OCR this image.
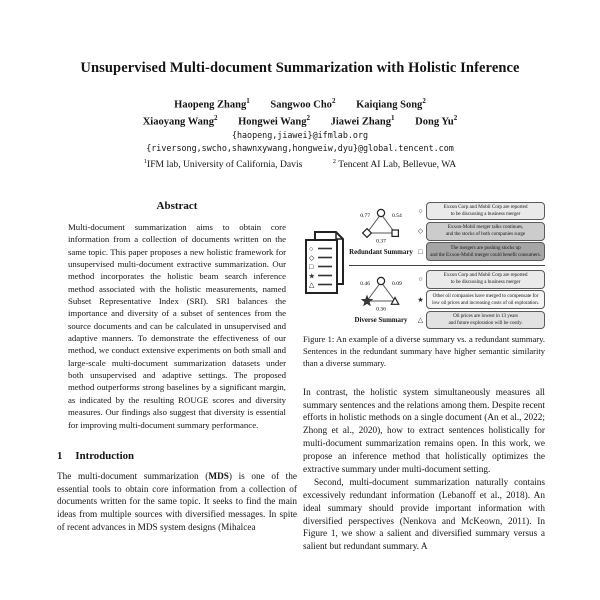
Unsupervised Multi-document Summarization with Holistic Inference
Haopeng Zhang$^1$ Sangwoo Cho$^2$ Kaiqiang Song$^2$
Xiaoyang Wang$^2$ Hongwei Wang$^2$ Jiawei Zhang$^1$ Dong Yu$^2$
{haopeng,jiawei}@ifmlab.org
{riversong,swcho,shawnxywang,hongweiw,dyu}@global.tencent.com
$^1$IFM lab, University of California, Davis	$^2$ Tencent AI Lab, Bellevue, WA
Abstract
Multi-document summarization aims to obtain core information from a collection of documents written on the same topic. This paper proposes a new holistic framework for unsupervised multi-document extractive summarization. Our method incorporates the holistic beam search inference method associated with the holistic measurements, named Subset Representative Index (SRI). SRI balances the importance and diversity of a subset of sentences from the source documents and can be calculated in unsupervised and adaptive manners. To demonstrate the effectiveness of our method, we conduct extensive experiments on both small and large-scale multi-document summarization datasets under both unsupervised and adaptive settings. The proposed method outperforms strong baselines by a significant margin, as indicated by the resulting ROUGE scores and diversity measures. Our findings also suggest that diversity is essential for improving multi-document summary performance.
1 Introduction
The multi-document summarization (MDS) is one of the essential tools to obtain core information from a collection of documents written for the same topic. It seeks to find the main ideas from multiple sources with diversified messages. In spite of recent advances in MDS system designs (Mihalcea
○
◇
□
★
△
0.77	0.54
0.37
Redundant Summary
○	Exxon Corp and Mobil Corp are reported
to be discussing a business merger
◇	Exxon-Mobil merger talks continues,
and the stocks of both companies surge
□	The mergers are pushing stocks up
and the Exxon-Mobil merger could benefit consumers.
0.46	0.09
0.36
Diverse Summary
○	Exxon Corp and Mobil Corp are reported
to be discussing a business merger
★	Other oil companies have merged to compensate for
low oil prices and increasing costs of oil exploration.
△	Oil prices are lowest in 13 years
and future exploration will be costly.
Figure 1: An example of a diverse summary vs. a redundant summary. Sentences in the redundant summary have higher semantic similarity than a diverse summary.
In contrast, the holistic system simultaneously measures all summary sentences and the relations among them. Despite recent efforts in holistic methods on a single document (An et al., 2022; Zhong et al., 2020), how to extract sentences holistically for multi-document summarization remains open. In this work, we propose an inference method that holistically optimizes the extractive summary under multi-document setting.
Second, multi-document summarization naturally contains excessively redundant information (Lebanoff et al., 2018). An ideal summary should provide important information with diversified perspectives (Nenkova and McKeown, 2011). In Figure 1, we show a salient and diversified summary versus a salient but redundant summary. A
